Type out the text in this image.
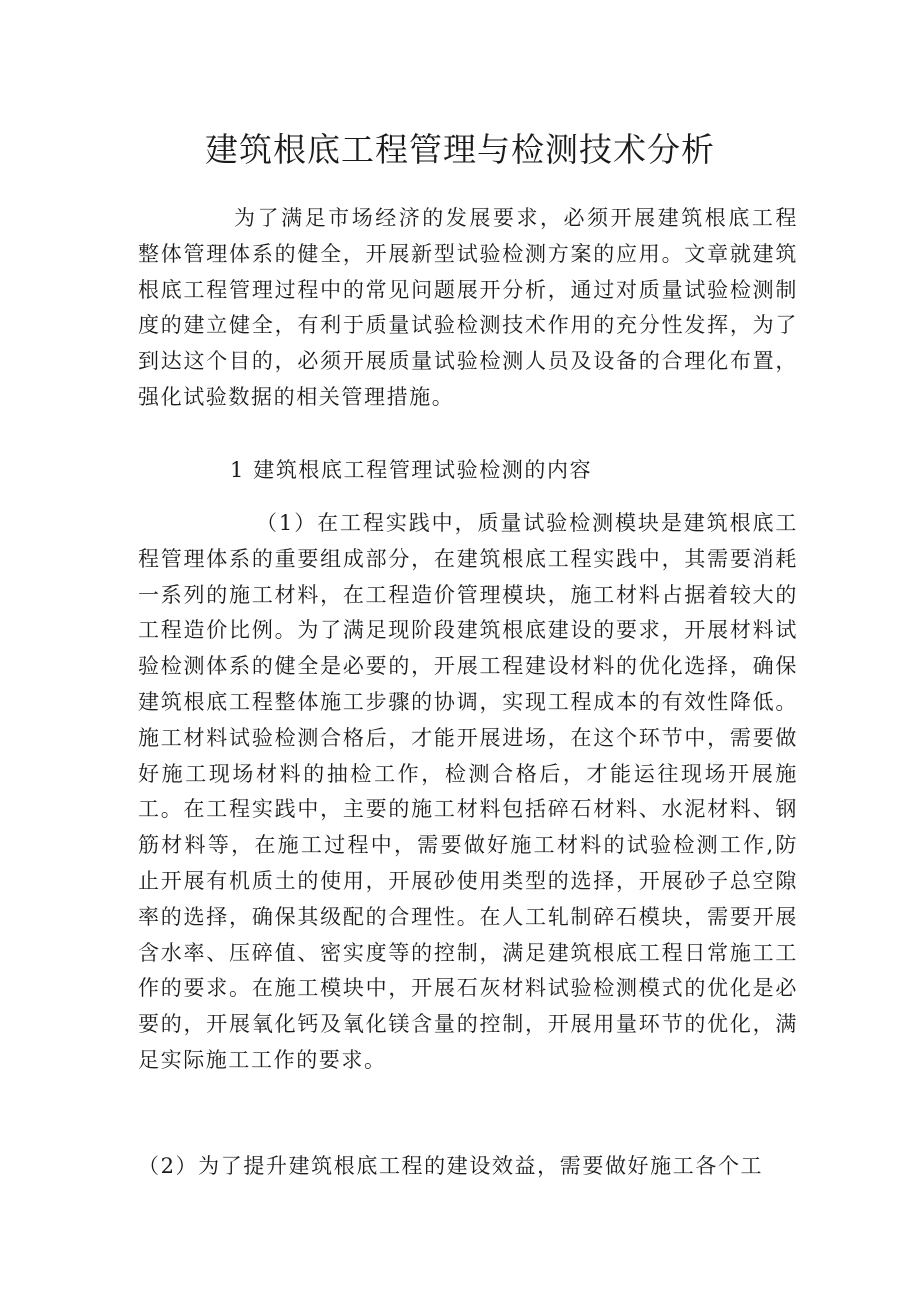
建筑根底工程管理与检测技术分析

为了满足市场经济的发展要求，必须开展建筑根底工程整体管理体系的健全，开展新型试验检测方案的应用。文章就建筑根底工程管理过程中的常见问题展开分析，通过对质量试验检测制度的建立健全，有利于质量试验检测技术作用的充分性发挥，为了到达这个目的，必须开展质量试验检测人员及设备的合理化布置，强化试验数据的相关管理措施。

1 建筑根底工程管理试验检测的内容

（1）在工程实践中，质量试验检测模块是建筑根底工程管理体系的重要组成部分，在建筑根底工程实践中，其需要消耗一系列的施工材料，在工程造价管理模块，施工材料占据着较大的工程造价比例。为了满足现阶段建筑根底建设的要求，开展材料试验检测体系的健全是必要的，开展工程建设材料的优化选择，确保建筑根底工程整体施工步骤的协调，实现工程成本的有效性降低。施工材料试验检测合格后，才能开展进场，在这个环节中，需要做好施工现场材料的抽检工作，检测合格后，才能运往现场开展施工。在工程实践中，主要的施工材料包括碎石材料、水泥材料、钢筋材料等，在施工过程中，需要做好施工材料的试验检测工作,防止开展有机质土的使用，开展砂使用类型的选择，开展砂子总空隙率的选择，确保其级配的合理性。在人工轧制碎石模块，需要开展含水率、压碎值、密实度等的控制，满足建筑根底工程日常施工工作的要求。在施工模块中，开展石灰材料试验检测模式的优化是必要的，开展氧化钙及氧化镁含量的控制，开展用量环节的优化，满足实际施工工作的要求。

（2）为了提升建筑根底工程的建设效益，需要做好施工各个工
